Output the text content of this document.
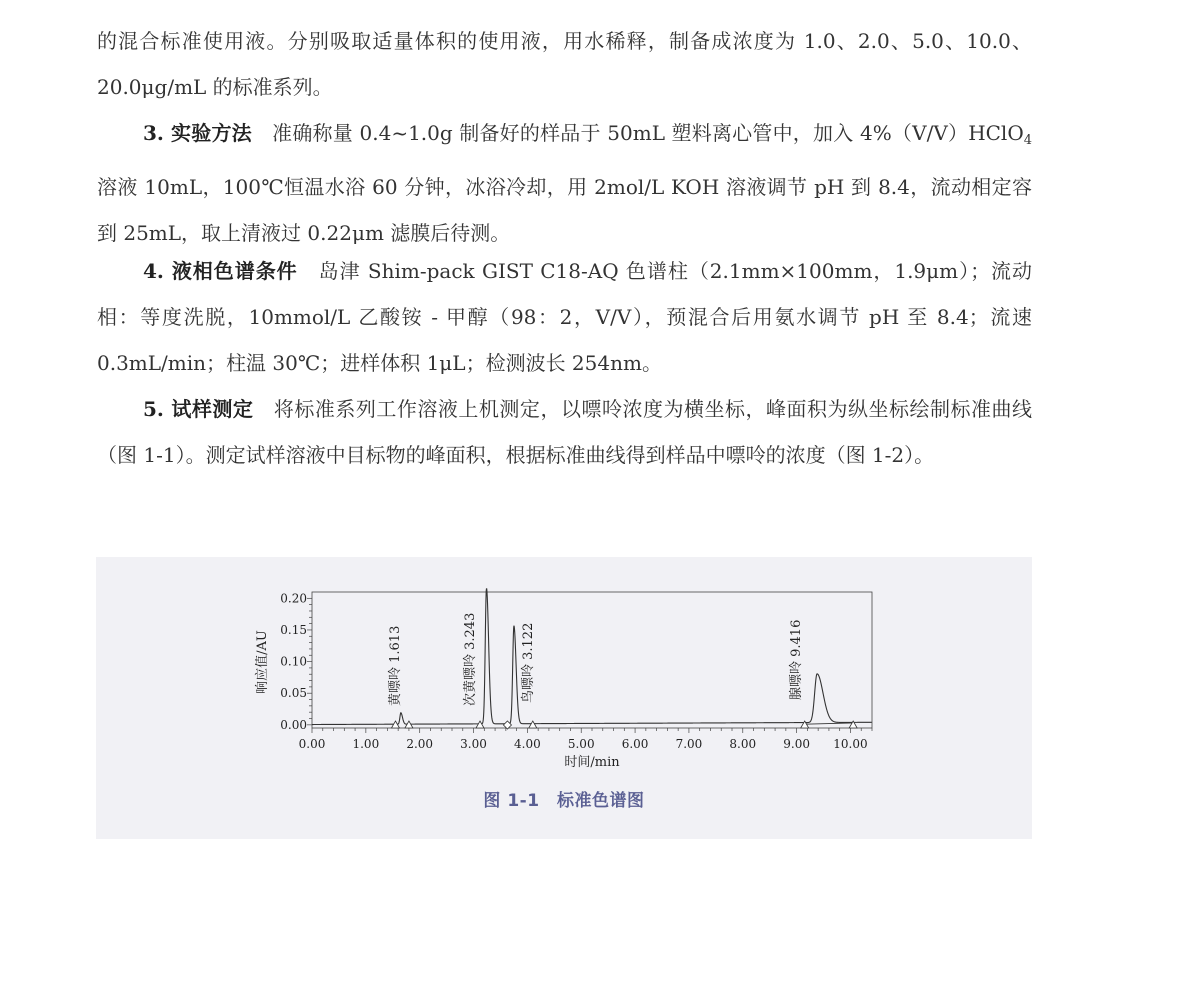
的混合标准使用液。分别吸取适量体积的使用液，用水稀释，制备成浓度为 1.0、2.0、5.0、10.0、20.0μg/mL 的标准系列。

3. 实验方法　 准确称量 0.4~1.0g 制备好的样品于 50mL 塑料离心管中，加入 4%（V/V）HClO$_4$ 溶液 10mL，100℃恒温水浴 60 分钟，冰浴冷却，用 2mol/L KOH 溶液调节 pH 到 8.4，流动相定容到 25mL，取上清液过 0.22μm 滤膜后待测。

4. 液相色谱条件　 岛津 Shim-pack GIST C18-AQ 色谱柱（2.1mm×100mm，1.9μm）；流动相：等度洗脱，10mmol/L 乙酸铵 - 甲醇（98：2，V/V），预混合后用氨水调节 pH 至 8.4；流速 0.3mL/min；柱温 30℃；进样体积 1μL；检测波长 254nm。

5. 试样测定　 将标准系列工作溶液上机测定，以嘌呤浓度为横坐标，峰面积为纵坐标绘制标准曲线（图 1-1）。测定试样溶液中目标物的峰面积，根据标准曲线得到样品中嘌呤的浓度（图 1-2）。

0.00 1.00 2.00 3.00 4.00 5.00 6.00 7.00 8.00 9.00 10.00
0.00
0.05
0.10
0.15
0.20
时间/min
响应值/AU	黄嘌呤 1.613	次黄嘌呤 3.243	鸟嘌呤 3.122	腺嘌呤 9.416
图 1-1　标准色谱图
